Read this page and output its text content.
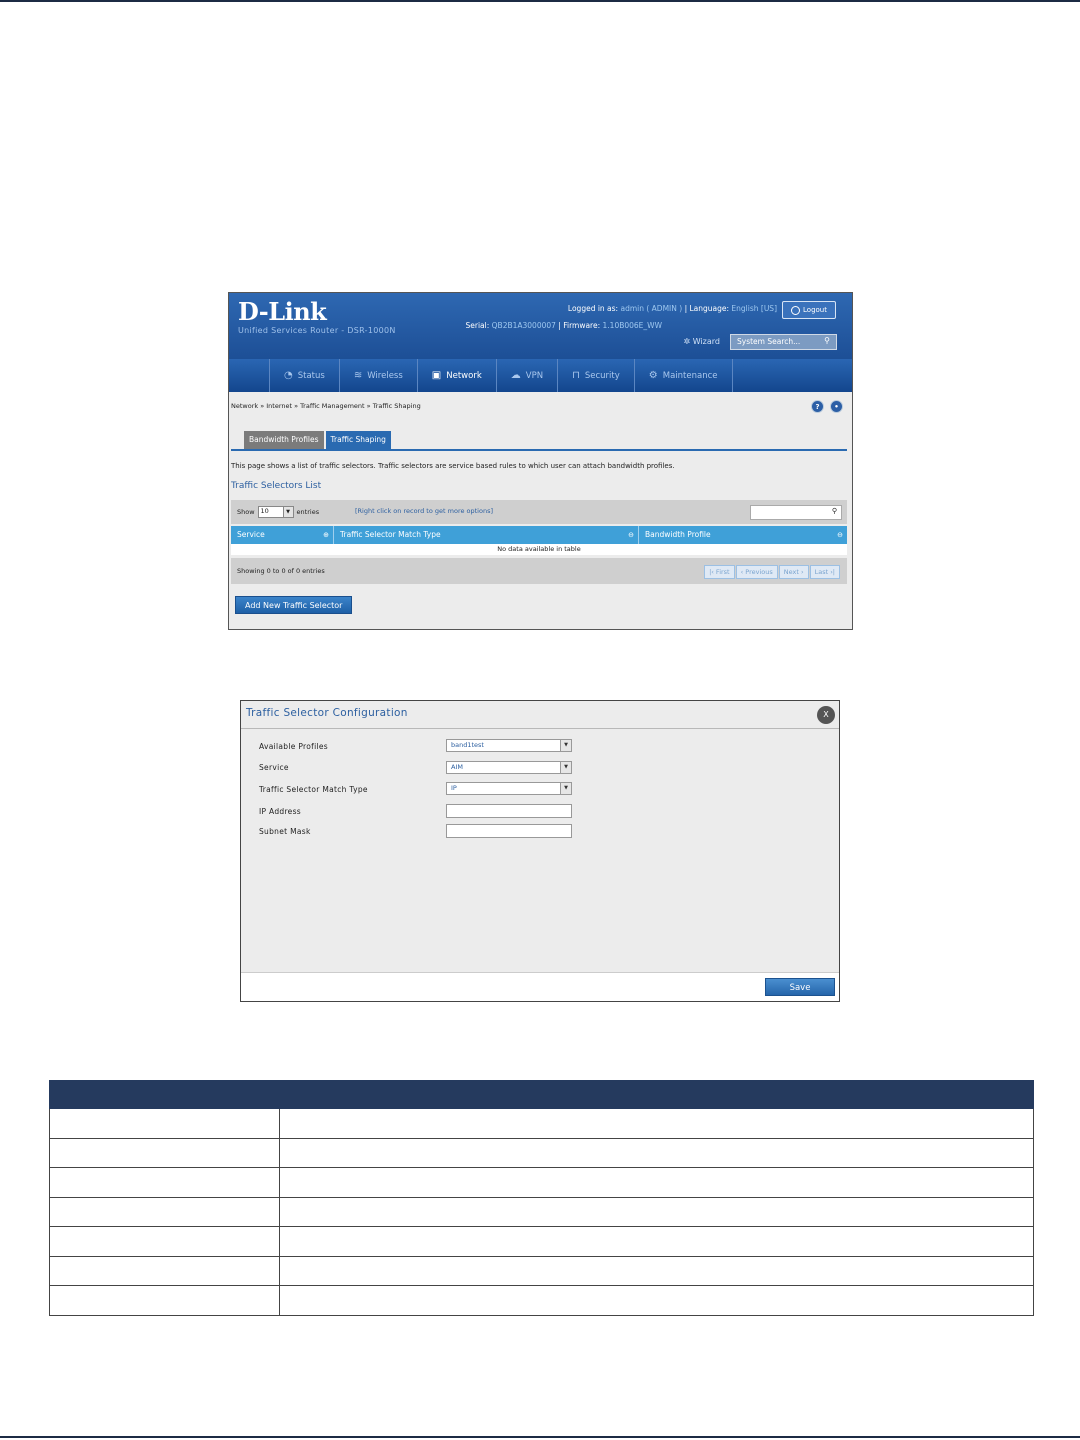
D-Link
Unified Services Router - DSR-1000N
Logged in as: admin ( ADMIN ) | Language: English [US]	Logout
Serial: QB2B1A3000007 | Firmware: 1.10B006E_WW
✲ Wizard	System Search...	⚲
◔ Status	≋ Wireless	▣ Network	☁ VPN	⊓ Security	⚙ Maintenance
Network » Internet » Traffic Management » Traffic Shaping	?	•
Bandwidth Profiles	Traffic Shaping
This page shows a list of traffic selectors. Traffic selectors are service based rules to which user can attach bandwidth profiles.
Traffic Selectors List
Show 10	▼	entries	[Right click on record to get more options]	⚲
Service	⊕	Traffic Selector Match Type	⊖	Bandwidth Profile	⊖
No data available in table
Showing 0 to 0 of 0 entries	|‹ First	‹ Previous	Next ›	Last ›|
Add New Traffic Selector
Traffic Selector Configuration	X
Available Profiles	band1test	▼
Service	AIM	▼
Traffic Selector Match Type	IP	▼
IP Address
Subnet Mask
Save
